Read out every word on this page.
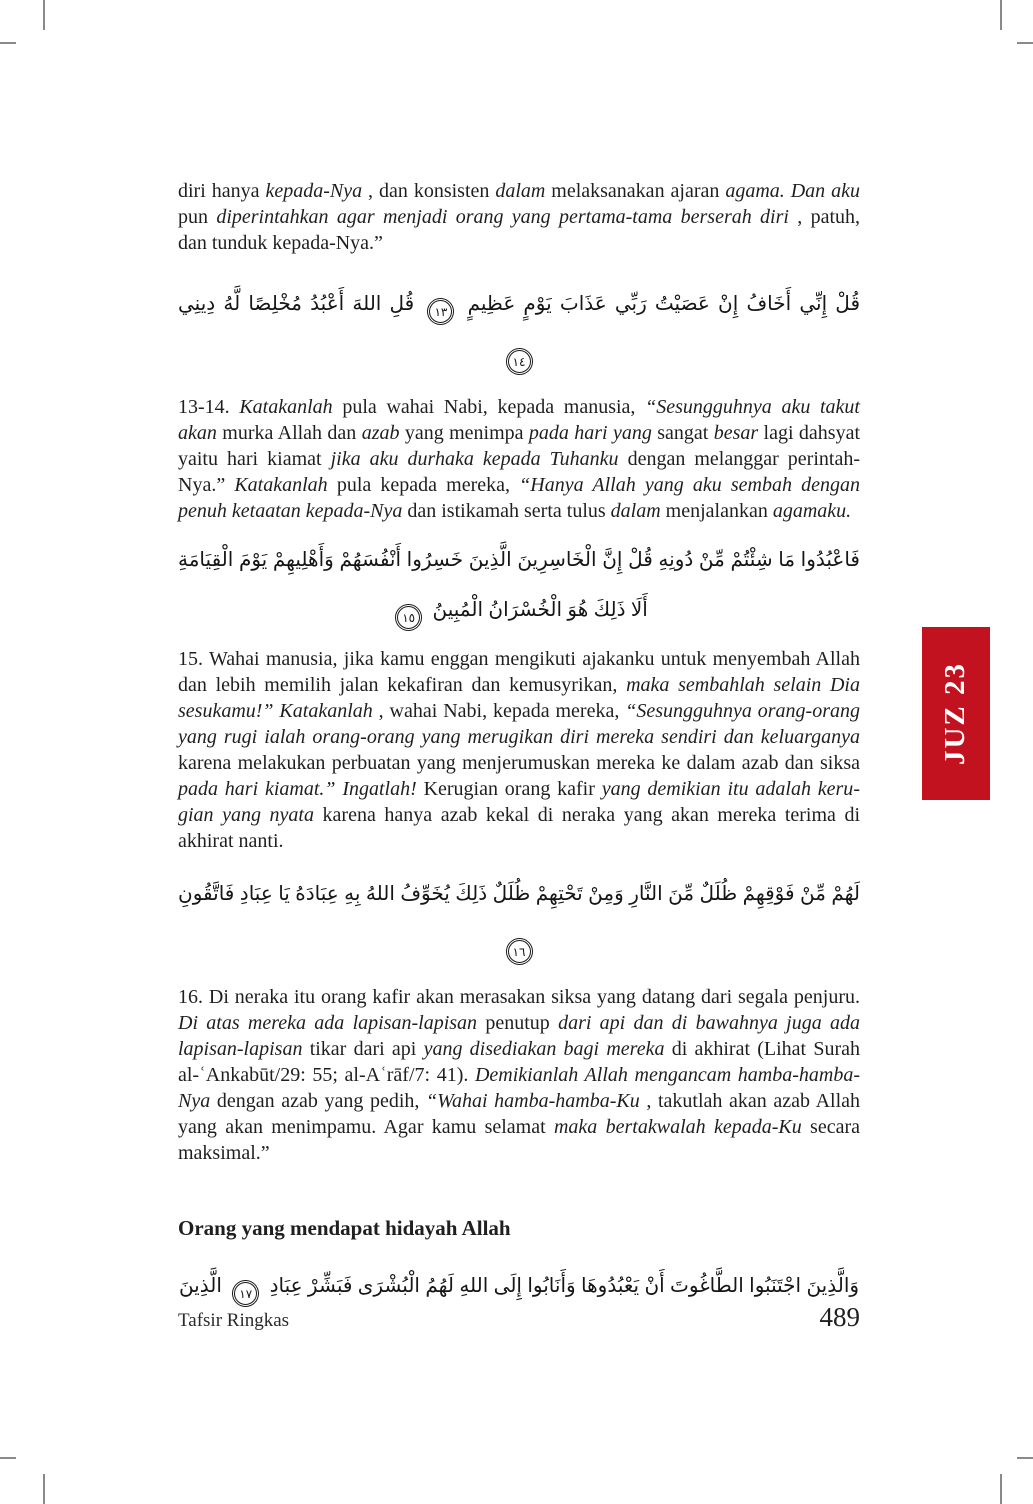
diri hanya kepada-Nya , dan konsisten dalam melaksanakan ajaran agama. Dan aku pun diperintahkan agar menjadi orang yang pertama-tama berserah diri , patuh, dan tunduk kepada-Nya.”

قُلْ إِنِّي أَخَافُ إِنْ عَصَيْتُ رَبِّي عَذَابَ يَوْمٍ عَظِيمٍ ١٣ قُلِ اللهَ أَعْبُدُ مُخْلِصًا لَّهُ دِينِي ١٤

13-14. Katakanlah pula wahai Nabi, kepada manusia, “Sesungguhnya aku takut akan murka Allah dan azab yang menimpa pada hari yang sangat besar lagi dahsyat yaitu hari kiamat jika aku durhaka kepada Tuhanku dengan melanggar perintah-Nya.” Katakanlah pula kepada mereka, “Hanya Allah yang aku sembah dengan penuh ketaatan kepada-Nya dan istikamah serta tulus dalam menjalankan agamaku.

فَاعْبُدُوا مَا شِئْتُمْ مِّنْ دُونِهِ قُلْ إِنَّ الْخَاسِرِينَ الَّذِينَ خَسِرُوا أَنْفُسَهُمْ وَأَهْلِيهِمْ يَوْمَ الْقِيَامَةِ أَلَا ذَلِكَ هُوَ الْخُسْرَانُ الْمُبِينُ ١٥

15. Wahai manusia, jika kamu enggan mengikuti ajakanku untuk menyembah Allah dan lebih memilih jalan kekafiran dan kemusyrikan, maka sembahlah selain Dia sesukamu!” Katakanlah , wahai Nabi, kepada mereka, “Sesungguhnya orang-orang yang rugi ialah orang-orang yang merugikan diri mereka sendiri dan keluarganya karena melakukan perbuatan yang menjerumuskan mereka ke dalam azab dan siksa pada hari kiamat.” Ingatlah! Kerugian orang kafir yang demikian itu adalah kerugian yang nyata karena hanya azab kekal di neraka yang akan mereka terima di akhirat nanti.

لَهُمْ مِّنْ فَوْقِهِمْ ظُلَلٌ مِّنَ النَّارِ وَمِنْ تَحْتِهِمْ ظُلَلٌ ذَلِكَ يُخَوِّفُ اللهُ بِهِ عِبَادَهُ يَا عِبَادِ فَاتَّقُونِ ١٦

16. Di neraka itu orang kafir akan merasakan siksa yang datang dari segala penjuru. Di atas mereka ada lapisan-lapisan penutup dari api dan di bawahnya juga ada lapisan-lapisan tikar dari api yang disediakan bagi mereka di akhirat (Lihat Surah al-ʿAnkabūt/29: 55; al-Aʿrāf/7: 41). Demikianlah Allah mengancam hamba-hamba-Nya dengan azab yang pedih, “Wahai hamba-hamba-Ku , takutlah akan azab Allah yang akan menimpamu. Agar kamu selamat maka bertakwalah kepada-Ku secara maksimal.”

Orang yang mendapat hidayah Allah

وَالَّذِينَ اجْتَنَبُوا الطَّاغُوتَ أَنْ يَعْبُدُوهَا وَأَنَابُوا إِلَى اللهِ لَهُمُ الْبُشْرَى فَبَشِّرْ عِبَادِ ١٧ الَّذِينَ

Tafsir Ringkas	489
JUZ 23
